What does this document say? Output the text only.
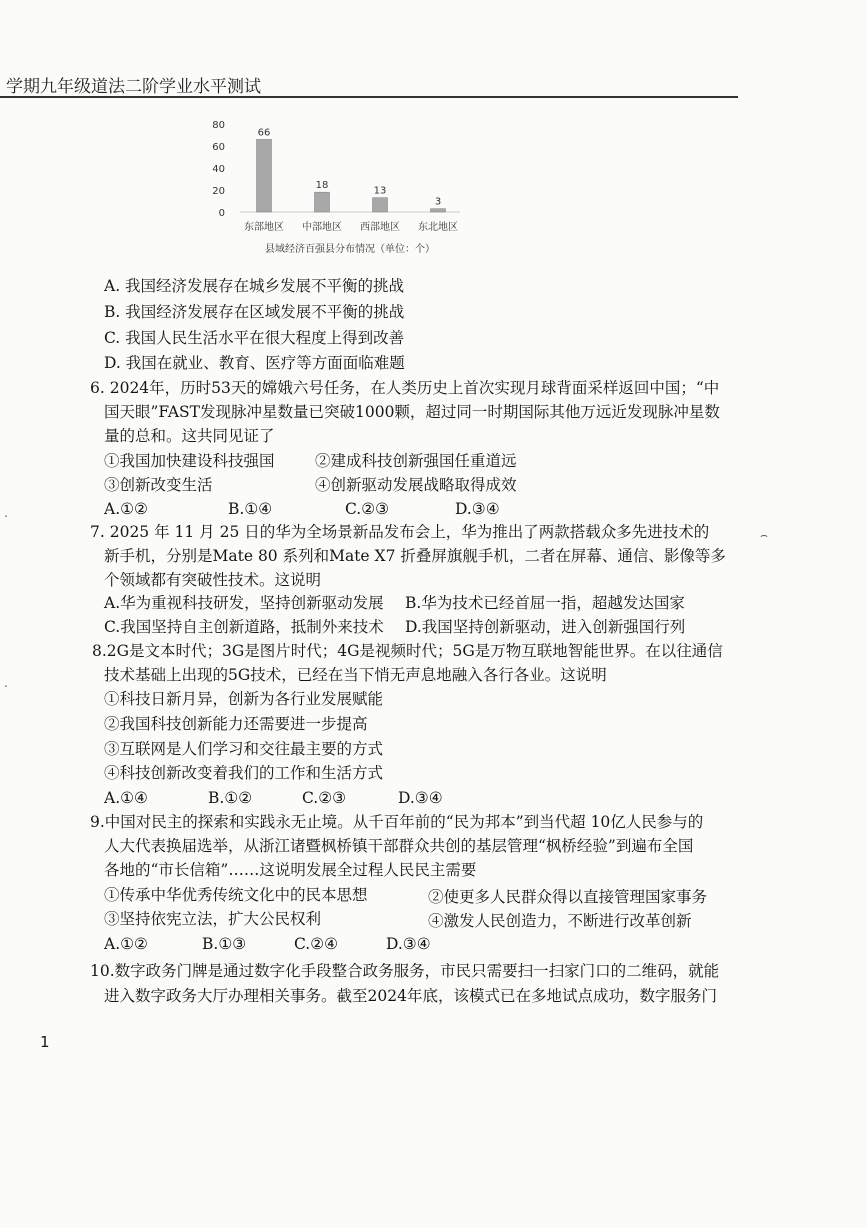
学期九年级道法二阶学业水平测试
0
20
40
60
80
66
东部地区
18
中部地区
13
西部地区
3
东北地区
县域经济百强县分布情况（单位：个）
A. 我国经济发展存在城乡发展不平衡的挑战
B. 我国经济发展存在区域发展不平衡的挑战
C. 我国人民生活水平在很大程度上得到改善
D. 我国在就业、教育、医疗等方面面临难题
6. 2024年，历时53天的嫦娥六号任务，在人类历史上首次实现月球背面采样返回中国；“中
国天眼”FAST发现脉冲星数量已突破1000颗，超过同一时期国际其他万远近发现脉冲星数
量的总和。这共同见证了
①我国加快建设科技强国	②建成科技创新强国任重道远
③创新改变生活	④创新驱动发展战略取得成效
A.①②	B.①④	C.②③	D.③④
7. 2025 年 11 月 25 日的华为全场景新品发布会上，华为推出了两款搭载众多先进技术的
新手机，分别是Mate 80 系列和Mate X7 折叠屏旗舰手机，二者在屏幕、通信、影像等多
个领域都有突破性技术。这说明
A.华为重视科技研发，坚持创新驱动发展 B.华为技术已经首屈一指，超越发达国家
C.我国坚持自主创新道路，抵制外来技术 D.我国坚持创新驱动，进入创新强国行列
8.2G是文本时代；3G是图片时代；4G是视频时代；5G是万物互联地智能世界。在以往通信
技术基础上出现的5G技术，已经在当下悄无声息地融入各行各业。这说明
①科技日新月异，创新为各行业发展赋能
②我国科技创新能力还需要进一步提高
③互联网是人们学习和交往最主要的方式
④科技创新改变着我们的工作和生活方式
A.①④	B.①②	C.②③	D.③④
9.中国对民主的探索和实践永无止境。从千百年前的“民为邦本”到当代超 10亿人民参与的
人大代表换届选举，从浙江诸暨枫桥镇干部群众共创的基层管理“枫桥经验”到遍布全国
各地的“市长信箱”……这说明发展全过程人民民主需要
①传承中华优秀传统文化中的民本思想	②使更多人民群众得以直接管理国家事务
③坚持依宪立法，扩大公民权利	④激发人民创造力，不断进行改革创新
A.①②	B.①③	C.②④	D.③④
10.数字政务门牌是通过数字化手段整合政务服务，市民只需要扫一扫家门口的二维码，就能
进入数字政务大厅办理相关事务。截至2024年底，该模式已在多地试点成功，数字服务门
1
‧
‧
⌢
